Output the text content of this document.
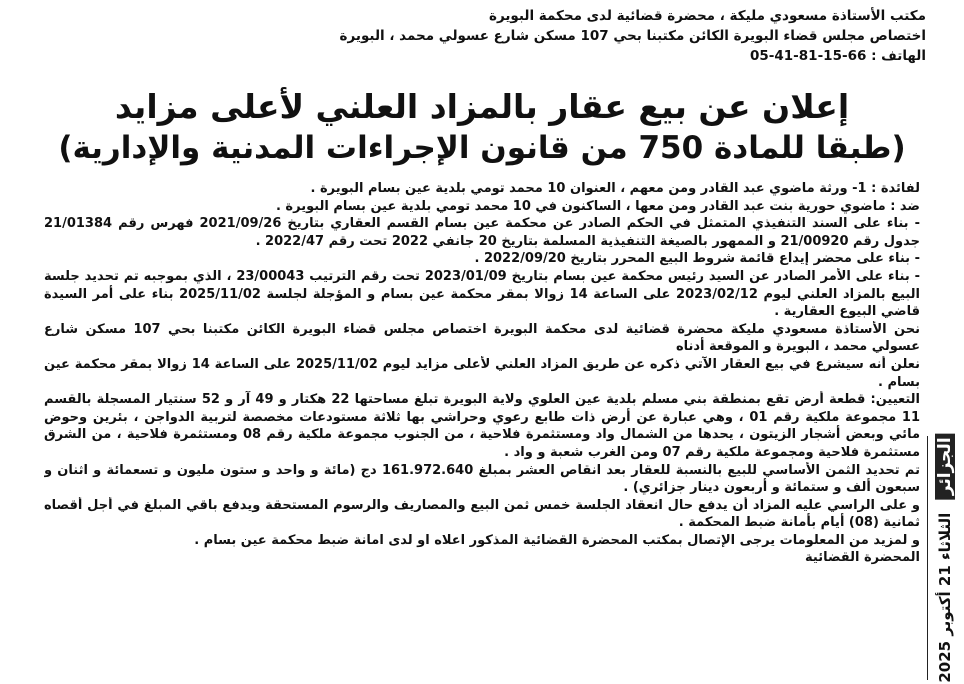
مكتب الأستاذة مسعودي مليكة ، محضرة قضائية لدى محكمة البويرة
اختصاص مجلس قضاء البويرة الكائن مكتبنا بحي 107 مسكن شارع عسولي محمد ، البويرة
الهاتف : 66-15-81-41-05
إعلان عن بيع عقار بالمزاد العلني لأعلى مزايد
(طبقا للمادة 750 من قانون الإجراءات المدنية والإدارية)

لفائدة : 1- ورثة ماضوي عبد القادر ومن معهم ، العنوان 10 محمد تومي بلدية عين بسام البويرة .

ضد : ماضوي حورية بنت عبد القادر ومن معها ، الساكنون في 10 محمد تومي بلدية عين بسام البويرة .

- بناء على السند التنفيذي المتمثل في الحكم الصادر عن محكمة عين بسام القسم العقاري بتاريخ 2021/09/26 فهرس رقم 21/01384 جدول رقم 21/00920 و الممهور بالصيغة التنفيذية المسلمة بتاريخ 20 جانفي 2022 تحت رقم 2022/47 .

- بناء على محضر إيداع قائمة شروط البيع المحرر بتاريخ 2022/09/20 .

- بناء على الأمر الصادر عن السيد رئيس محكمة عين بسام بتاريخ 2023/01/09 تحت رقم الترتيب 23/00043 ، الذي بموجبه تم تحديد جلسة البيع بالمزاد العلني ليوم 2023/02/12 على الساعة 14 زوالا بمقر محكمة عين بسام و المؤجلة لجلسة 2025/11/02 بناء على أمر السيدة قاضي البيوع العقارية .

نحن الأستاذة مسعودي مليكة محضرة قضائية لدى محكمة البويرة اختصاص مجلس قضاء البويرة الكائن مكتبنا بحي 107 مسكن شارع عسولي محمد ، البويرة و الموقعة أدناه

نعلن أنه سيشرع في بيع العقار الآتي ذكره عن طريق المزاد العلني لأعلى مزايد ليوم 2025/11/02 على الساعة 14 زوالا بمقر محكمة عين بسام .

التعيين: قطعة أرض تقع بمنطقة بني مسلم بلدية عين العلوي ولاية البويرة تبلغ مساحتها 22 هكتار و 49 آر و 52 سنتيار المسجلة بالقسم 11 مجموعة ملكية رقم 01 ، وهي عبارة عن أرض ذات طابع رعوي وحراشي بها ثلاثة مستودعات مخصصة لتربية الدواجن ، بئرين وحوض مائي وبعض أشجار الزيتون ، يحدها من الشمال واد ومستثمرة فلاحية ، من الجنوب مجموعة ملكية رقم 08 ومستثمرة فلاحية ، من الشرق مستثمرة فلاحية ومجموعة ملكية رقم 07 ومن الغرب شعبة و واد .

تم تحديد الثمن الأساسي للبيع بالنسبة للعقار بعد انقاص العشر بمبلغ 161.972.640 دج (مائة و واحد و ستون مليون و تسعمائة و اثنان و سبعون ألف و ستمائة و أربعون دينار جزائري) .

و على الراسي عليه المزاد أن يدفع حال انعقاد الجلسة خمس ثمن البيع والمصاريف والرسوم المستحقة ويدفع باقي المبلغ في أجل أقصاه ثمانية (08) أيام بأمانة ضبط المحكمة .

و لمزيد من المعلومات يرجى الإتصال بمكتب المحضرة القضائية المذكور اعلاه او لدى امانة ضبط محكمة عين بسام .

المحضرة القضائية

الجزائر الثلاثاء 21 أكتوبر 2025
